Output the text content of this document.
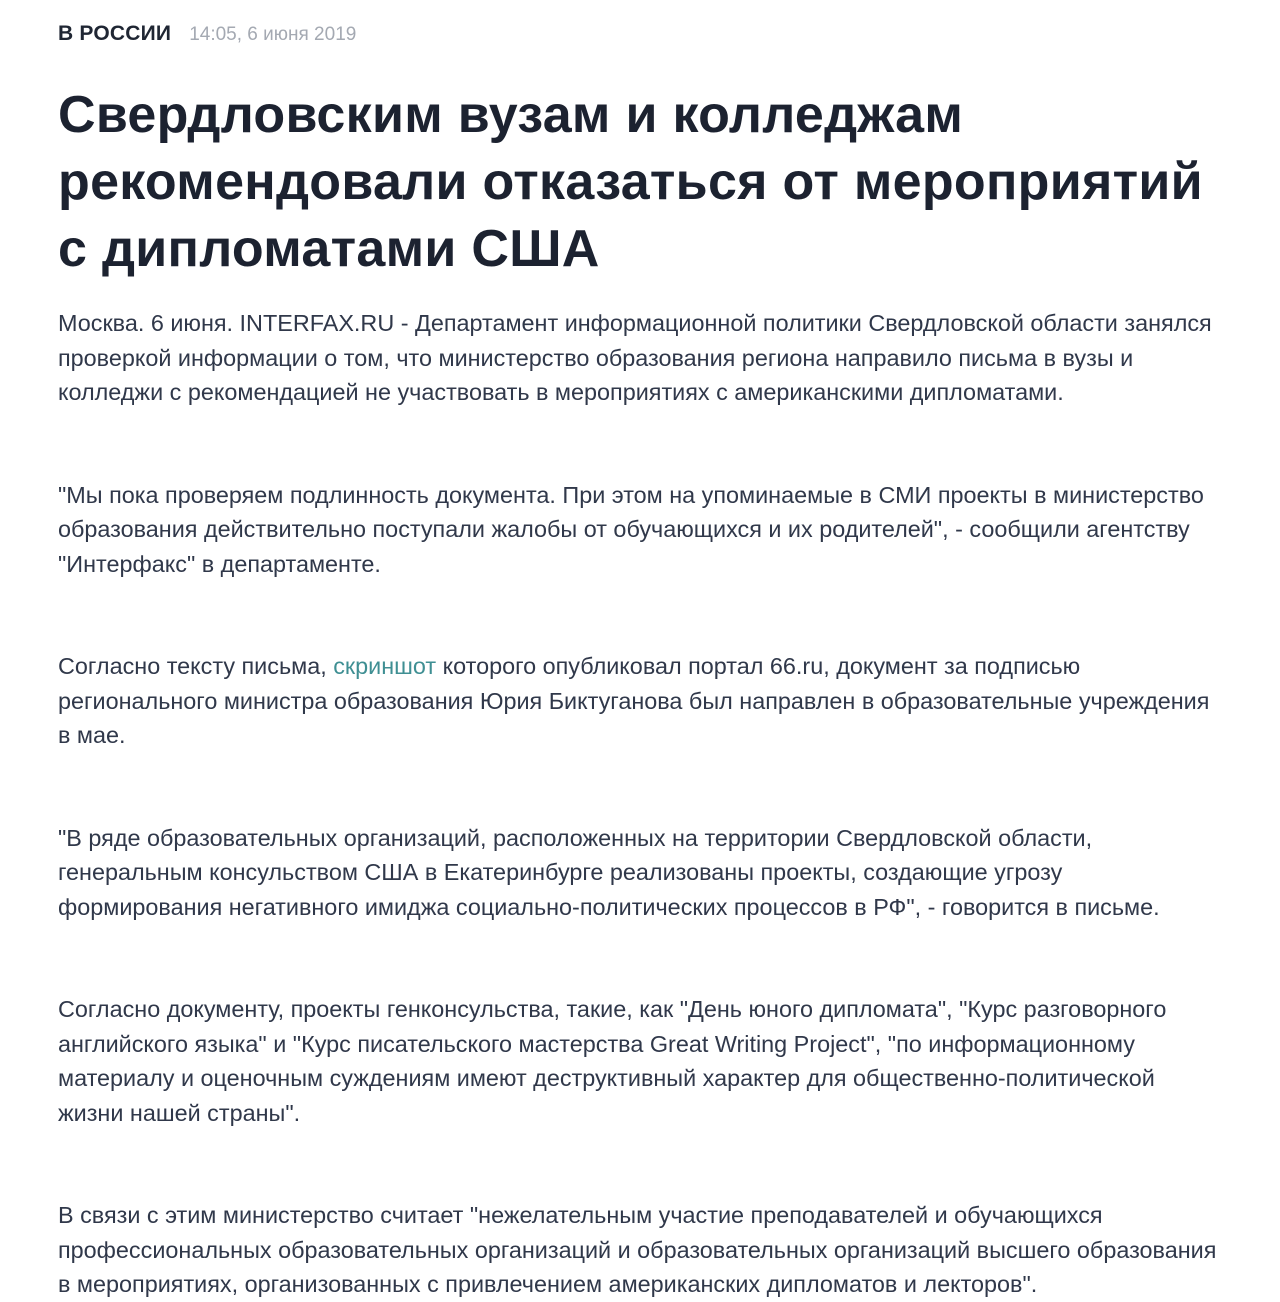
В РОССИИ 14:05, 6 июня 2019
Свердловским вузам и колледжам рекомендовали отказаться от мероприятий с дипломатами США

Москва. 6 июня. INTERFAX.RU - Департамент информационной политики Свердловской области занялся проверкой информации о том, что министерство образования региона направило письма в вузы и колледжи с рекомендацией не участвовать в мероприятиях с американскими дипломатами.

"Мы пока проверяем подлинность документа. При этом на упоминаемые в СМИ проекты в министерство образования действительно поступали жалобы от обучающихся и их родителей", - сообщили агентству "Интерфакс" в департаменте.

Согласно тексту письма, скриншот которого опубликовал портал 66.ru, документ за подписью регионального министра образования Юрия Биктуганова был направлен в образовательные учреждения в мае.

"В ряде образовательных организаций, расположенных на территории Свердловской области, генеральным консульством США в Екатеринбурге реализованы проекты, создающие угрозу формирования негативного имиджа социально-политических процессов в РФ", - говорится в письме.

Согласно документу, проекты генконсульства, такие, как "День юного дипломата", "Курс разговорного английского языка" и "Курс писательского мастерства Great Writing Project", "по информационному материалу и оценочным суждениям имеют деструктивный характер для общественно-политической жизни нашей страны".

В связи с этим министерство считает "нежелательным участие преподавателей и обучающихся профессиональных образовательных организаций и образовательных организаций высшего образования в мероприятиях, организованных с привлечением американских дипломатов и лекторов".
